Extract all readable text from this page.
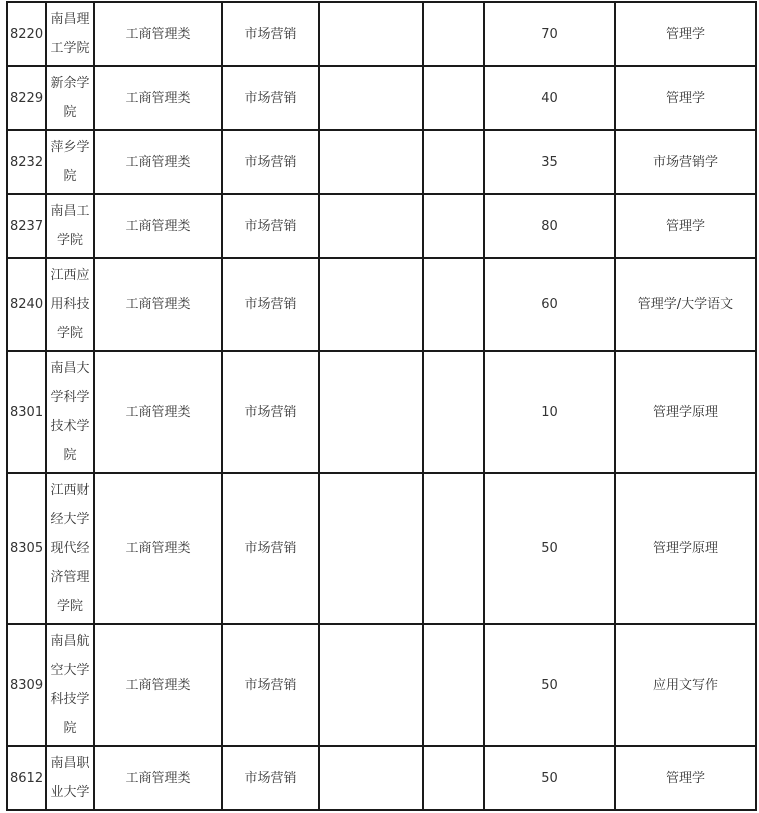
8220	南昌理工学院	工商管理类	市场营销			70	管理学
8229	新余学院	工商管理类	市场营销			40	管理学
8232	萍乡学院	工商管理类	市场营销			35	市场营销学
8237	南昌工学院	工商管理类	市场营销			80	管理学
8240	江西应用科技学院	工商管理类	市场营销			60	管理学/大学语文
8301	南昌大学科学技术学院	工商管理类	市场营销			10	管理学原理
8305	江西财经大学现代经济管理学院	工商管理类	市场营销			50	管理学原理
8309	南昌航空大学科技学院	工商管理类	市场营销			50	应用文写作
8612	南昌职业大学	工商管理类	市场营销			50	管理学
